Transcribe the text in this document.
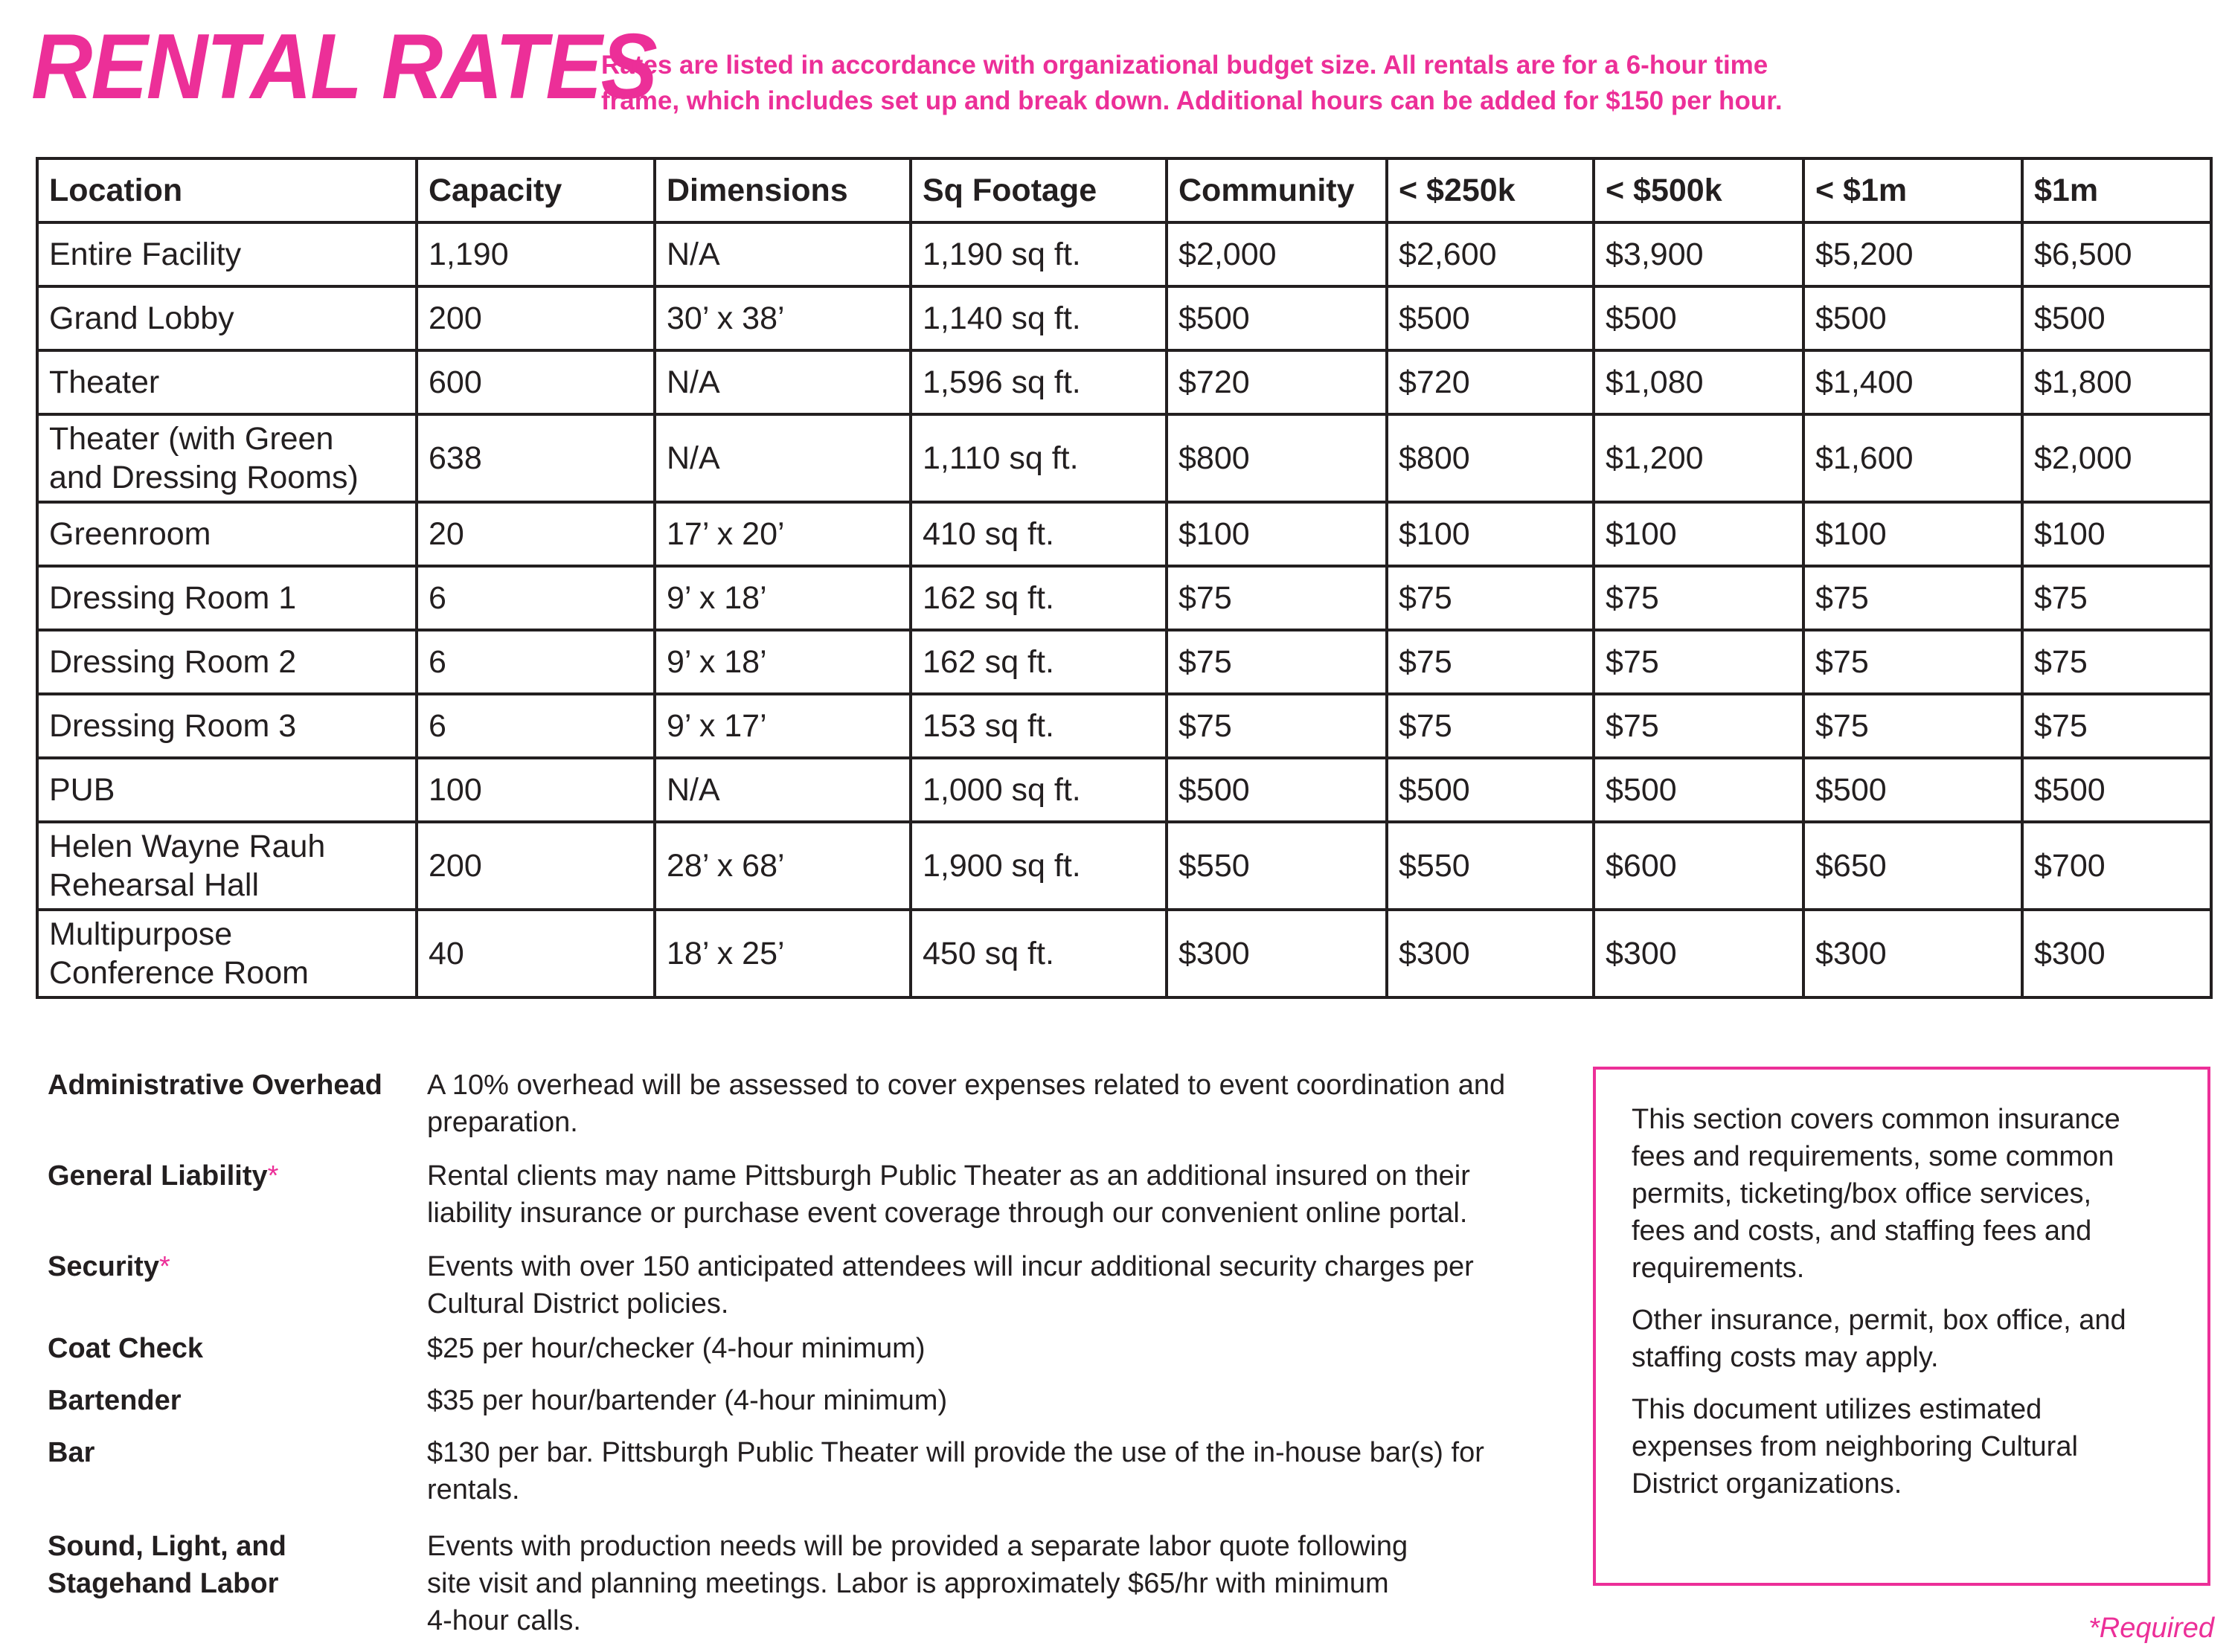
RENTAL RATES
Rates are listed in accordance with organizational budget size. All rentals are for a 6-hour time
frame, which includes set up and break down. Additional hours can be added for $150 per hour.
Location	Capacity	Dimensions	Sq Footage	Community	< $250k	< $500k	< $1m	$1m

Entire Facility	1,190	N/A	1,190 sq ft.	$2,000	$2,600	$3,900	$5,200	$6,500

Grand Lobby	200	30’ x 38’	1,140 sq ft.	$500	$500	$500	$500	$500

Theater	600	N/A	1,596 sq ft.	$720	$720	$1,080	$1,400	$1,800

Theater (with Green
and Dressing Rooms)	638	N/A	1,110 sq ft.	$800	$800	$1,200	$1,600	$2,000

Greenroom	20	17’ x 20’	410 sq ft.	$100	$100	$100	$100	$100

Dressing Room 1	6	9’ x 18’	162 sq ft.	$75	$75	$75	$75	$75

Dressing Room 2	6	9’ x 18’	162 sq ft.	$75	$75	$75	$75	$75

Dressing Room 3	6	9’ x 17’	153 sq ft.	$75	$75	$75	$75	$75

PUB	100	N/A	1,000 sq ft.	$500	$500	$500	$500	$500

Helen Wayne Rauh
Rehearsal Hall	200	28’ x 68’	1,900 sq ft.	$550	$550	$600	$650	$700

Multipurpose
Conference Room	40	18’ x 25’	450 sq ft.	$300	$300	$300	$300	$300
Administrative Overhead	A 10% overhead will be assessed to cover expenses related to event coordination and
preparation.
General Liability*	Rental clients may name Pittsburgh Public Theater as an additional insured on their
liability insurance or purchase event coverage through our convenient online portal.
Security*	Events with over 150 anticipated attendees will incur additional security charges per
Cultural District policies.
Coat Check	$25 per hour/checker (4-hour minimum)
Bartender	$35 per hour/bartender (4-hour minimum)
Bar	$130 per bar. Pittsburgh Public Theater will provide the use of the in-house bar(s) for
rentals.
Sound, Light, and
Stagehand Labor
Events with production needs will be provided a separate labor quote following
site visit and planning meetings. Labor is approximately $65/hr with minimum
4-hour calls.

This section covers common insurance
fees and requirements, some common
permits, ticketing/box office services,
fees and costs, and staffing fees and
requirements.

Other insurance, permit, box office, and
staffing costs may apply.

This document utilizes estimated
expenses from neighboring Cultural
District organizations.

*Required
